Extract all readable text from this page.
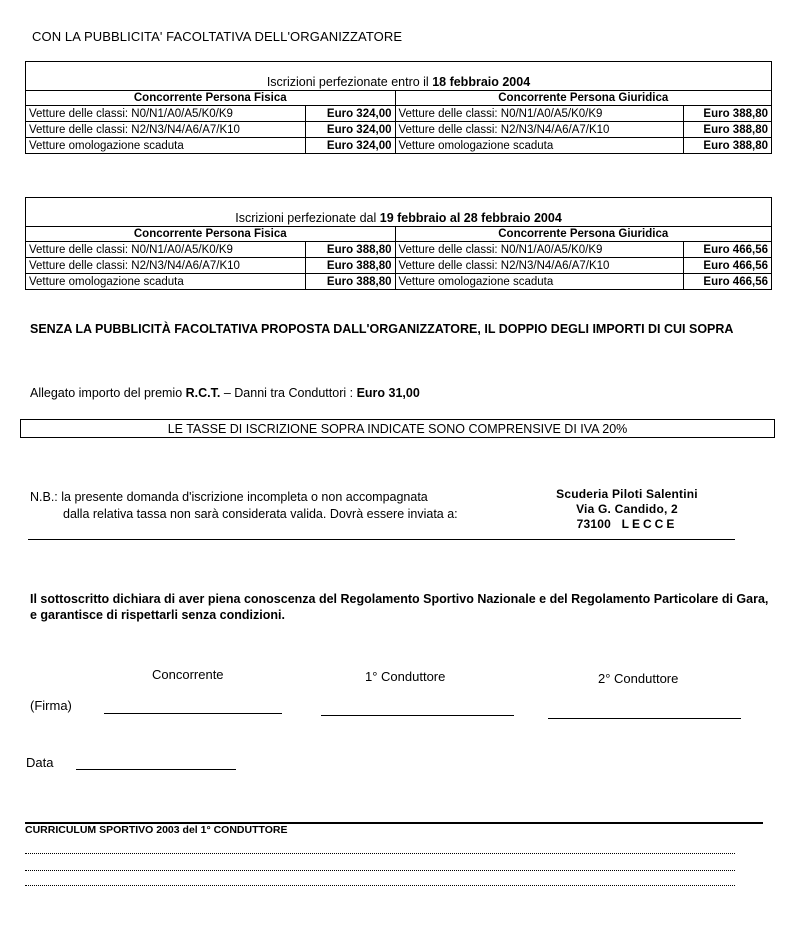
CON LA PUBBLICITA' FACOLTATIVA DELL'ORGANIZZATORE
Iscrizioni perfezionate entro il 18 febbraio 2004
Concorrente Persona Fisica		Concorrente Persona Giuridica	
Vetture delle classi: N0/N1/A0/A5/K0/K9	Euro 324,00	Vetture delle classi: N0/N1/A0/A5/K0/K9	Euro 388,80
Vetture delle classi: N2/N3/N4/A6/A7/K10	Euro 324,00	Vetture delle classi: N2/N3/N4/A6/A7/K10	Euro 388,80
Vetture omologazione scaduta	Euro 324,00	Vetture omologazione scaduta	Euro 388,80
Iscrizioni perfezionate dal 19 febbraio al 28 febbraio 2004
Concorrente Persona Fisica		Concorrente Persona Giuridica	
Vetture delle classi: N0/N1/A0/A5/K0/K9	Euro 388,80	Vetture delle classi: N0/N1/A0/A5/K0/K9	Euro 466,56
Vetture delle classi: N2/N3/N4/A6/A7/K10	Euro 388,80	Vetture delle classi: N2/N3/N4/A6/A7/K10	Euro 466,56
Vetture omologazione scaduta	Euro 388,80	Vetture omologazione scaduta	Euro 466,56
SENZA LA PUBBLICITÀ FACOLTATIVA PROPOSTA DALL'ORGANIZZATORE, IL DOPPIO DEGLI IMPORTI DI CUI SOPRA
Allegato importo del premio R.C.T. – Danni tra Conduttori : Euro 31,00
LE TASSE DI ISCRIZIONE SOPRA INDICATE SONO COMPRENSIVE DI IVA 20%
N.B.: la presente domanda d'iscrizione incompleta o non accompagnata
dalla relativa tassa non sarà considerata valida. Dovrà essere inviata a:
Scuderia Piloti Salentini
Via G. Candido, 2
73100 LECCE
Il sottoscritto dichiara di aver piena conoscenza del Regolamento Sportivo Nazionale e del Regolamento Particolare di Gara, e garantisce di rispettarli senza condizioni.
Concorrente	1° Conduttore	2° Conduttore
(Firma)
Data
CURRICULUM SPORTIVO 2003 del 1° CONDUTTORE
